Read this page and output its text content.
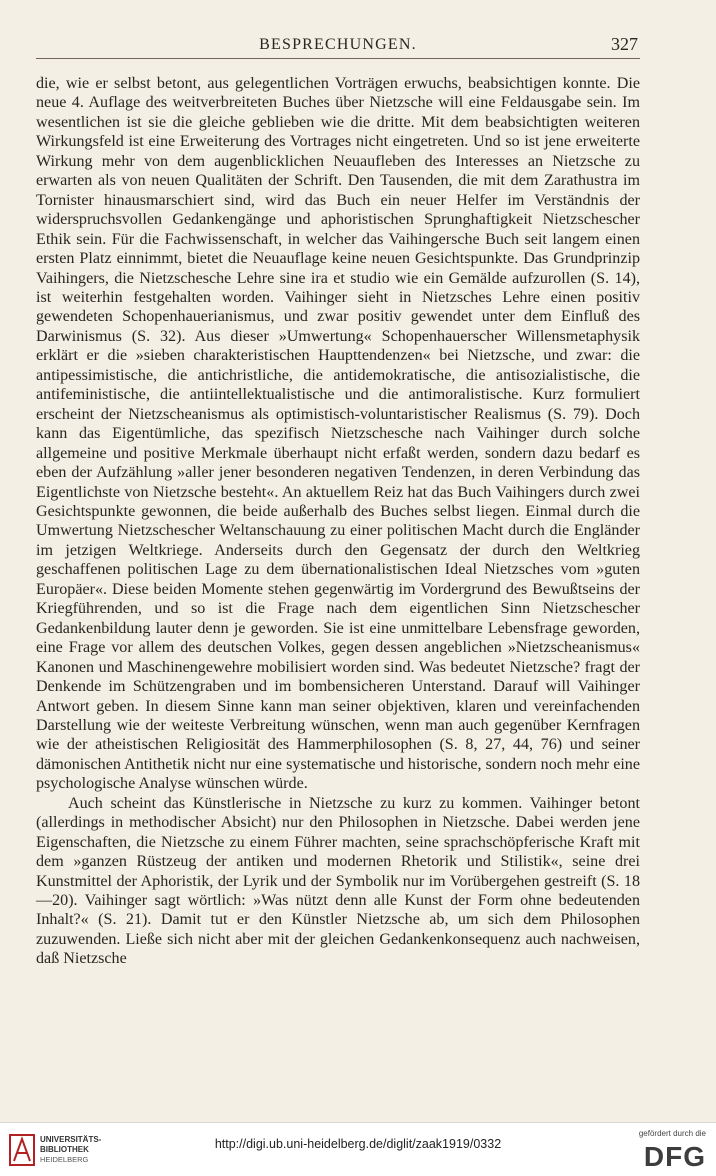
BESPRECHUNGEN.	327

die, wie er selbst betont, aus gelegentlichen Vorträgen erwuchs, beabsichtigen konnte. Die neue 4. Auflage des weitverbreiteten Buches über Nietzsche will eine Feldausgabe sein. Im wesentlichen ist sie die gleiche geblieben wie die dritte. Mit dem beabsichtigten weiteren Wirkungsfeld ist eine Erweiterung des Vortrages nicht eingetreten. Und so ist jene erweiterte Wirkung mehr von dem augenblicklichen Neuaufleben des Interesses an Nietzsche zu erwarten als von neuen Qualitäten der Schrift. Den Tausenden, die mit dem Zarathustra im Tornister hinausmarschiert sind, wird das Buch ein neuer Helfer im Verständnis der widerspruchsvollen Gedankengänge und aphoristischen Sprunghaftigkeit Nietzschescher Ethik sein. Für die Fachwissenschaft, in welcher das Vaihingersche Buch seit langem einen ersten Platz einnimmt, bietet die Neuauflage keine neuen Gesichtspunkte. Das Grundprinzip Vaihingers, die Nietzschesche Lehre sine ira et studio wie ein Gemälde aufzurollen (S. 14), ist weiterhin festgehalten worden. Vaihinger sieht in Nietzsches Lehre einen positiv gewendeten Schopenhauerianismus, und zwar positiv gewendet unter dem Einfluß des Darwinismus (S. 32). Aus dieser »Umwertung« Schopenhauerscher Willensmetaphysik erklärt er die »sieben charakteristischen Haupttendenzen« bei Nietzsche, und zwar: die antipessimistische, die antichristliche, die antidemokratische, die antisozialistische, die antifeministische, die antiintellektualistische und die antimoralistische. Kurz formuliert erscheint der Nietzscheanismus als optimistisch-voluntaristischer Realismus (S. 79). Doch kann das Eigentümliche, das spezifisch Nietzschesche nach Vaihinger durch solche allgemeine und positive Merkmale überhaupt nicht erfaßt werden, sondern dazu bedarf es eben der Aufzählung »aller jener besonderen negativen Tendenzen, in deren Verbindung das Eigentlichste von Nietzsche besteht«. An aktuellem Reiz hat das Buch Vaihingers durch zwei Gesichtspunkte gewonnen, die beide außerhalb des Buches selbst liegen. Einmal durch die Umwertung Nietzschescher Weltanschauung zu einer politischen Macht durch die Engländer im jetzigen Weltkriege. Anderseits durch den Gegensatz der durch den Weltkrieg geschaffenen politischen Lage zu dem übernationalistischen Ideal Nietzsches vom »guten Europäer«. Diese beiden Momente stehen gegenwärtig im Vordergrund des Bewußtseins der Kriegführenden, und so ist die Frage nach dem eigentlichen Sinn Nietzschescher Gedankenbildung lauter denn je geworden. Sie ist eine unmittelbare Lebensfrage geworden, eine Frage vor allem des deutschen Volkes, gegen dessen angeblichen »Nietzscheanismus« Kanonen und Maschinengewehre mobilisiert worden sind. Was bedeutet Nietzsche? fragt der Denkende im Schützengraben und im bombensicheren Unterstand. Darauf will Vaihinger Antwort geben. In diesem Sinne kann man seiner objektiven, klaren und vereinfachenden Darstellung wie der weiteste Verbreitung wünschen, wenn man auch gegenüber Kernfragen wie der atheistischen Religiosität des Hammerphilosophen (S. 8, 27, 44, 76) und seiner dämonischen Antithetik nicht nur eine systematische und historische, sondern noch mehr eine psychologische Analyse wünschen würde.

Auch scheint das Künstlerische in Nietzsche zu kurz zu kommen. Vaihinger betont (allerdings in methodischer Absicht) nur den Philosophen in Nietzsche. Dabei werden jene Eigenschaften, die Nietzsche zu einem Führer machten, seine sprachschöpferische Kraft mit dem »ganzen Rüstzeug der antiken und modernen Rhetorik und Stilistik«, seine drei Kunstmittel der Aphoristik, der Lyrik und der Symbolik nur im Vorübergehen gestreift (S. 18—20). Vaihinger sagt wörtlich: »Was nützt denn alle Kunst der Form ohne bedeutenden Inhalt?« (S. 21). Damit tut er den Künstler Nietzsche ab, um sich dem Philosophen zuzuwenden. Ließe sich nicht aber mit der gleichen Gedankenkonsequenz auch nachweisen, daß Nietzsche

UNIVERSITÄTS-
BIBLIOTHEK
HEIDELBERG
http://digi.ub.uni-heidelberg.de/diglit/zaak1919/0332
gefördert durch die
DFG
